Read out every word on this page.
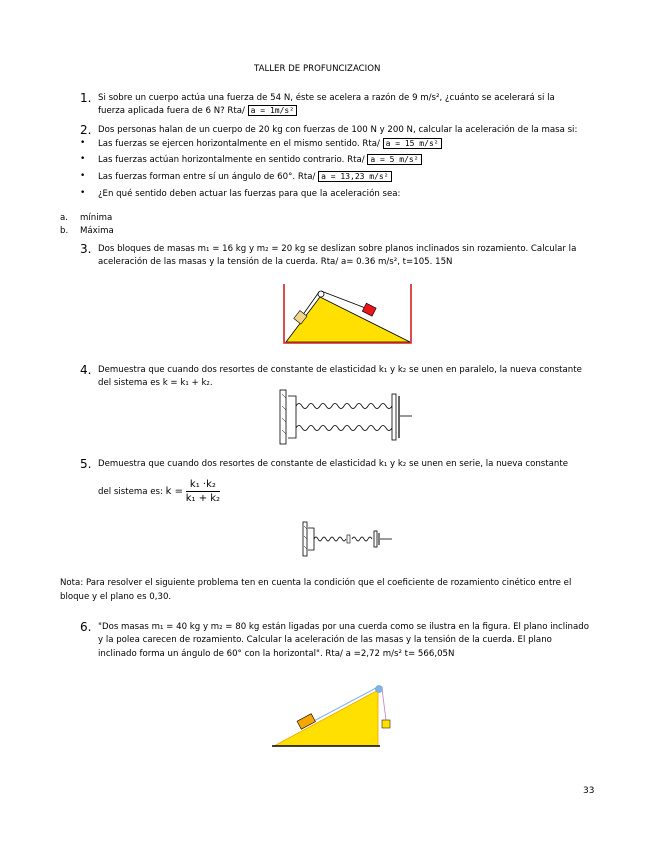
TALLER DE PROFUNCIZACION
1. Si sobre un cuerpo actúa una fuerza de 54 N, éste se acelera a razón de 9 m/s², ¿cuánto se acelerará si la
fuerza aplicada fuera de 6 N? Rta/ a = 1m/s²
2. Dos personas halan de un cuerpo de 20 kg con fuerzas de 100 N y 200 N, calcular la aceleración de la masa si:
• Las fuerzas se ejercen horizontalmente en el mismo sentido. Rta/ a = 15 m/s²
• Las fuerzas actúan horizontalmente en sentido contrario. Rta/ a = 5 m/s²
• Las fuerzas forman entre sí un ángulo de 60°. Rta/ a = 13,23 m/s²
• ¿En qué sentido deben actuar las fuerzas para que la aceleración sea:
a. mínima
b. Máxima
3. Dos bloques de masas m₁ = 16 kg y m₂ = 20 kg se deslizan sobre planos inclinados sin rozamiento. Calcular la
aceleración de las masas y la tensión de la cuerda. Rta/ a= 0.36 m/s², t=105. 15N
4. Demuestra que cuando dos resortes de constante de elasticidad k₁ y k₂ se unen en paralelo, la nueva constante
del sistema es k = k₁ + k₂.
5. Demuestra que cuando dos resortes de constante de elasticidad k₁ y k₂ se unen en serie, la nueva constante
del sistema es: $k = \frac{\text{k₁ ·k₂}}{\text{k₁ + k₂}}$
Nota: Para resolver el siguiente problema ten en cuenta la condición que el coeficiente de rozamiento cinético entre el
bloque y el plano es 0,30.
6. "Dos masas m₁ = 40 kg y m₂ = 80 kg están ligadas por una cuerda como se ilustra en la figura. El plano inclinado
y la polea carecen de rozamiento. Calcular la aceleración de las masas y la tensión de la cuerda. El plano
inclinado forma un ángulo de 60° con la horizontal". Rta/ a =2,72 m/s² t= 566,05N
33
